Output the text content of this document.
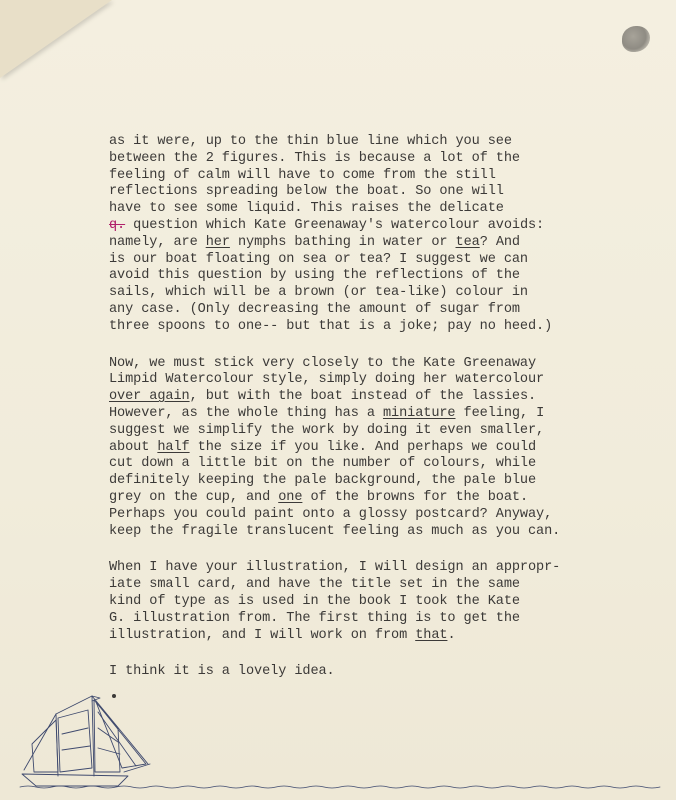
as it were, up to the thin blue line which you see
between the 2 figures. This is because a lot of the
feeling of calm will have to come from the still
reflections spreading below the boat. So one will
have to see some liquid. This raises the delicate
q. question which Kate Greenaway's watercolour avoids:
namely, are her nymphs bathing in water or tea? And
is our boat floating on sea or tea? I suggest we can
avoid this question by using the reflections of the
sails, which will be a brown (or tea-like) colour in
any case. (Only decreasing the amount of sugar from
three spoons to one-- but that is a joke; pay no heed.)
Now, we must stick very closely to the Kate Greenaway
Limpid Watercolour style, simply doing her watercolour
over again, but with the boat instead of the lassies.
However, as the whole thing has a miniature feeling, I
suggest we simplify the work by doing it even smaller,
about half the size if you like. And perhaps we could
cut down a little bit on the number of colours, while
definitely keeping the pale background, the pale blue
grey on the cup, and one of the browns for the boat.
Perhaps you could paint onto a glossy postcard? Anyway,
keep the fragile translucent feeling as much as you can.
When I have your illustration, I will design an appropr-
iate small card, and have the title set in the same
kind of type as is used in the book I took the Kate
G. illustration from. The first thing is to get the
illustration, and I will work on from that.
I think it is a lovely idea.
